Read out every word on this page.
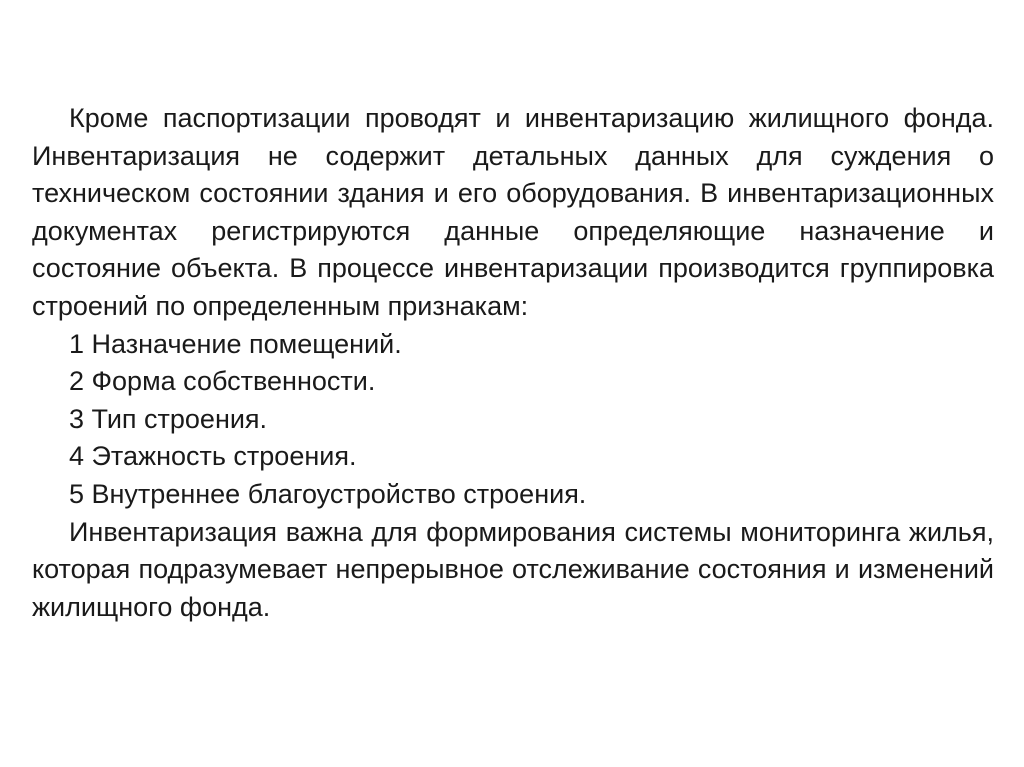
Кроме паспортизации проводят и инвентаризацию жилищного фонда. Инвентаризация не содержит детальных данных для суждения о техническом состоянии здания и его оборудования. В инвентаризационных документах регистрируются данные определяющие назначение и состояние объекта. В процессе инвентаризации производится группировка строений по определенным признакам:

1 Назначение помещений.

2 Форма собственности.

3 Тип строения.

4 Этажность строения.

5 Внутреннее благоустройство строения.

Инвентаризация важна для формирования системы мониторинга жилья, которая подразумевает непрерывное отслеживание состояния и изменений жилищного фонда.
